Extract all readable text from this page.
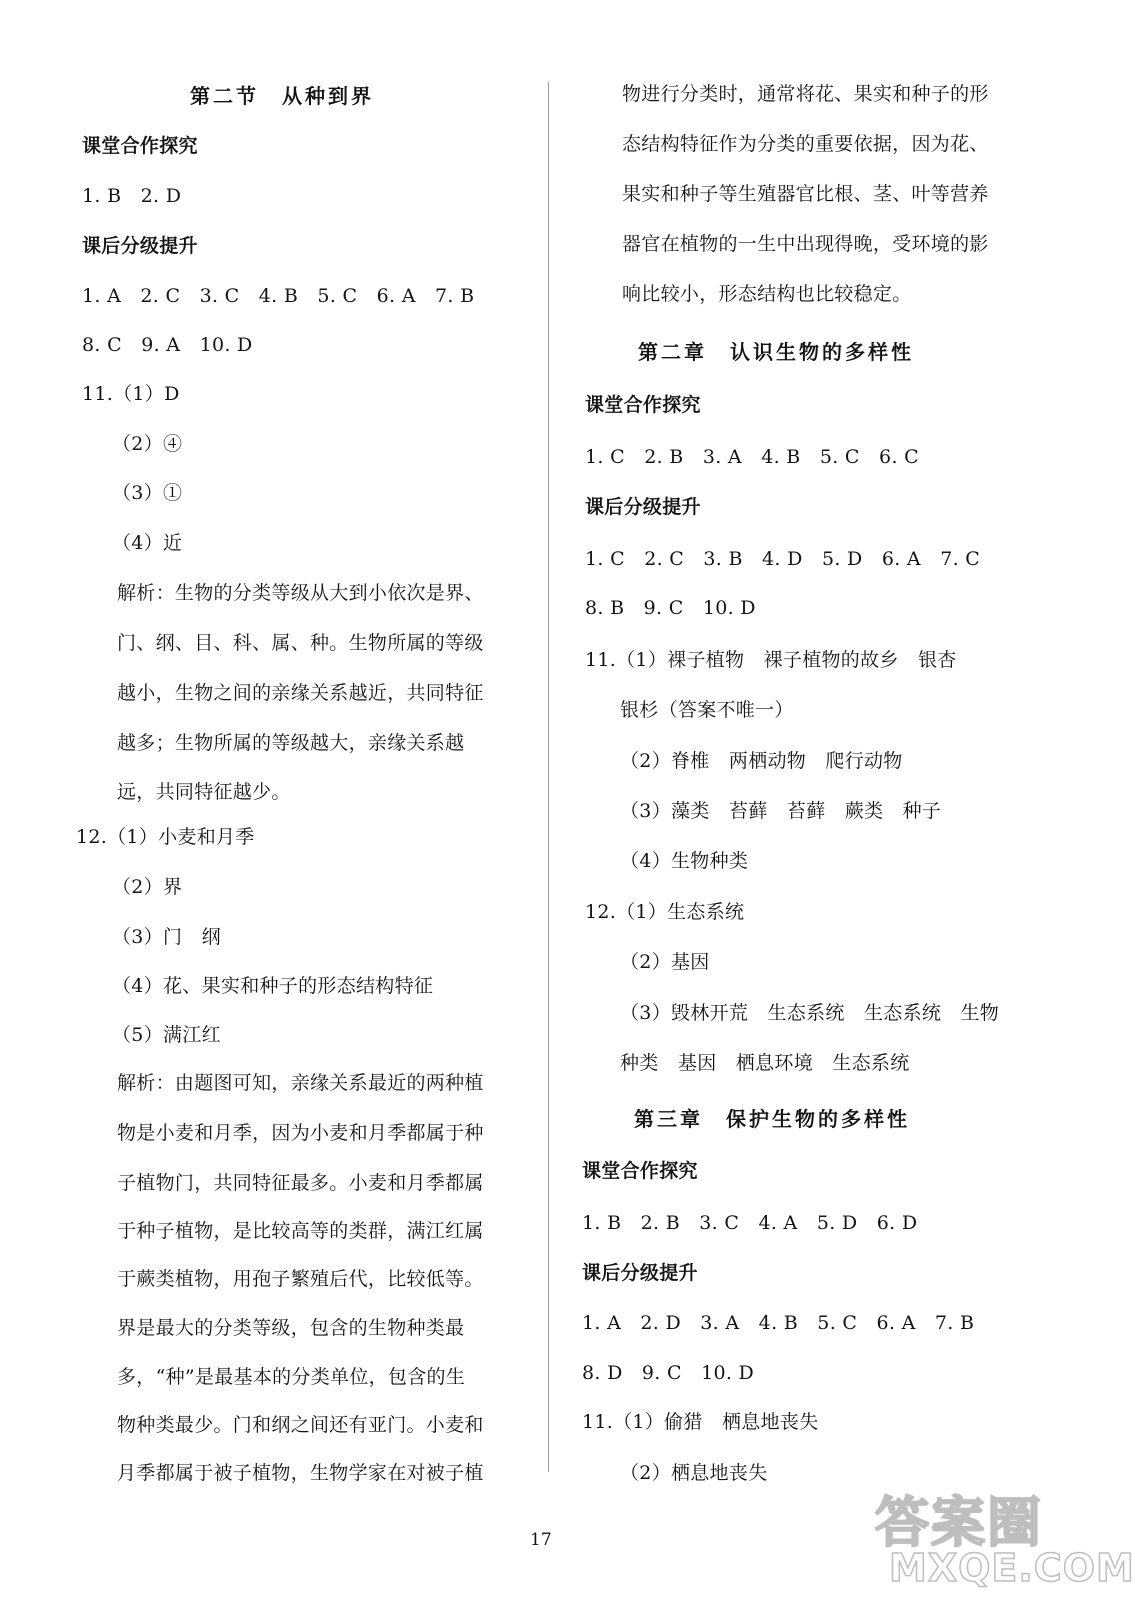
第二节　从种到界
课堂合作探究
1. B　2. D
课后分级提升
1. A　2. C　3. C　4. B　5. C　6. A　7. B
8. C　9. A　10. D
11.（1）D
（2）④
（3）①
（4）近
解析：生物的分类等级从大到小依次是界、
门、纲、目、科、属、种。生物所属的等级
越小，生物之间的亲缘关系越近，共同特征
越多；生物所属的等级越大，亲缘关系越
远，共同特征越少。
12.（1）小麦和月季
（2）界
（3）门　纲
（4）花、果实和种子的形态结构特征
（5）满江红
解析：由题图可知，亲缘关系最近的两种植
物是小麦和月季，因为小麦和月季都属于种
子植物门，共同特征最多。小麦和月季都属
于种子植物，是比较高等的类群，满江红属
于蕨类植物，用孢子繁殖后代，比较低等。
界是最大的分类等级，包含的生物种类最
多，“种”是最基本的分类单位，包含的生
物种类最少。门和纲之间还有亚门。小麦和
月季都属于被子植物，生物学家在对被子植
物进行分类时，通常将花、果实和种子的形
态结构特征作为分类的重要依据，因为花、
果实和种子等生殖器官比根、茎、叶等营养
器官在植物的一生中出现得晚，受环境的影
响比较小，形态结构也比较稳定。
第二章　认识生物的多样性
课堂合作探究
1. C　2. B　3. A　4. B　5. C　6. C
课后分级提升
1. C　2. C　3. B　4. D　5. D　6. A　7. C
8. B　9. C　10. D
11.（1）裸子植物　裸子植物的故乡　银杏
银杉（答案不唯一）
（2）脊椎　两栖动物　爬行动物
（3）藻类　苔藓　苔藓　蕨类　种子
（4）生物种类
12.（1）生态系统
（2）基因
（3）毁林开荒　生态系统　生态系统　生物
种类　基因　栖息环境　生态系统
第三章　保护生物的多样性
课堂合作探究
1. B　2. B　3. C　4. A　5. D　6. D
课后分级提升
1. A　2. D　3. A　4. B　5. C　6. A　7. B
8. D　9. C　10. D
11.（1）偷猎　栖息地丧失
（2）栖息地丧失
17	答案圈
MXQE.COM
